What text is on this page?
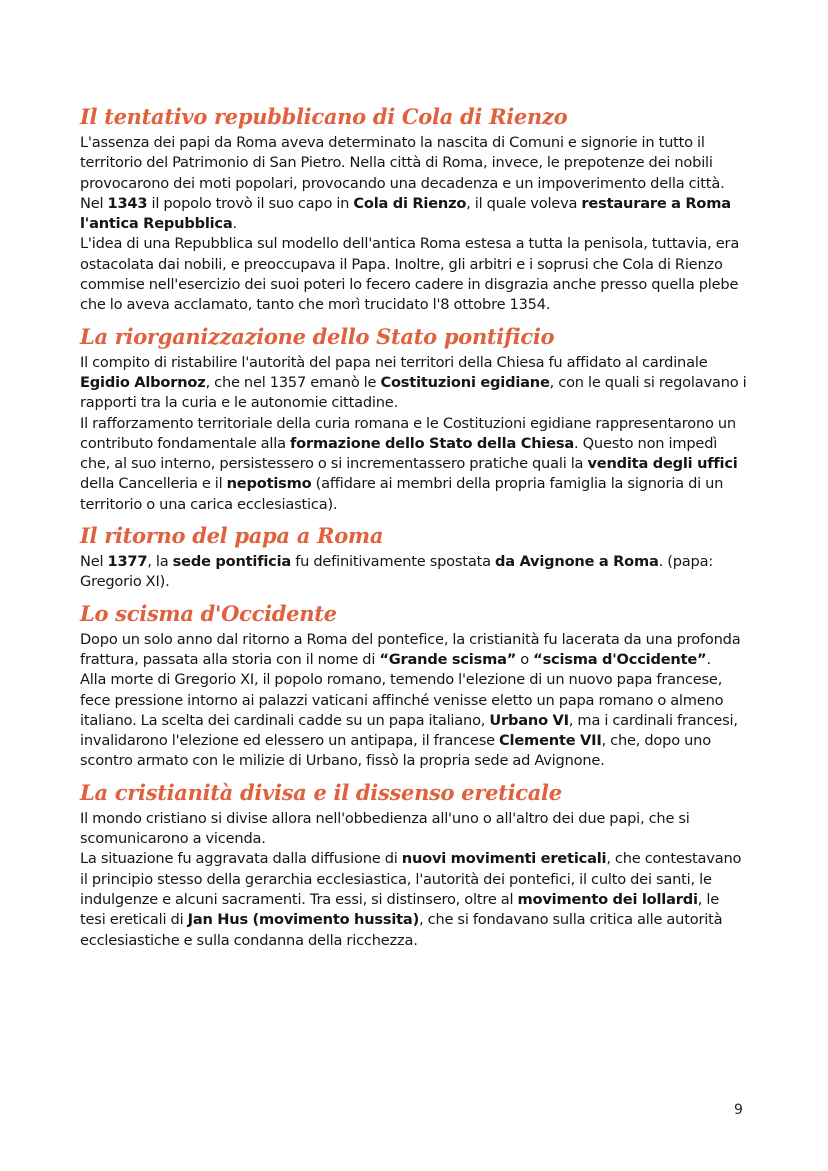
Il tentativo repubblicano di Cola di Rienzo

L'assenza dei papi da Roma aveva determinato la nascita di Comuni e signorie in tutto il territorio del Patrimonio di San Pietro. Nella città di Roma, invece, le prepotenze dei nobili provocarono dei moti popolari, provocando una decadenza e un impoverimento della città. Nel 1343 il popolo trovò il suo capo in Cola di Rienzo, il quale voleva restaurare a Roma l'antica Repubblica.

L'idea di una Repubblica sul modello dell'antica Roma estesa a tutta la penisola, tuttavia, era ostacolata dai nobili, e preoccupava il Papa. Inoltre, gli arbitri e i soprusi che Cola di Rienzo commise nell'esercizio dei suoi poteri lo fecero cadere in disgrazia anche presso quella plebe che lo aveva acclamato, tanto che morì trucidato l'8 ottobre 1354.

La riorganizzazione dello Stato pontificio

Il compito di ristabilire l'autorità del papa nei territori della Chiesa fu affidato al cardinale Egidio Albornoz, che nel 1357 emanò le Costituzioni egidiane, con le quali si regolavano i rapporti tra la curia e le autonomie cittadine.

Il rafforzamento territoriale della curia romana e le Costituzioni egidiane rappresentarono un contributo fondamentale alla formazione dello Stato della Chiesa. Questo non impedì che, al suo interno, persistessero o si incrementassero pratiche quali la vendita degli uffici della Cancelleria e il nepotismo (affidare ai membri della propria famiglia la signoria di un territorio o una carica ecclesiastica).

Il ritorno del papa a Roma

Nel 1377, la sede pontificia fu definitivamente spostata da Avignone a Roma. (papa: Gregorio XI).

Lo scisma d'Occidente

Dopo un solo anno dal ritorno a Roma del pontefice, la cristianità fu lacerata da una profonda frattura, passata alla storia con il nome di “Grande scisma” o “scisma d'Occidente”.

Alla morte di Gregorio XI, il popolo romano, temendo l'elezione di un nuovo papa francese, fece pressione intorno ai palazzi vaticani affinché venisse eletto un papa romano o almeno italiano. La scelta dei cardinali cadde su un papa italiano, Urbano VI, ma i cardinali francesi, invalidarono l'elezione ed elessero un antipapa, il francese Clemente VII, che, dopo uno scontro armato con le milizie di Urbano, fissò la propria sede ad Avignone.

La cristianità divisa e il dissenso ereticale

Il mondo cristiano si divise allora nell'obbedienza all'uno o all'altro dei due papi, che si scomunicarono a vicenda.

La situazione fu aggravata dalla diffusione di nuovi movimenti ereticali, che contestavano il principio stesso della gerarchia ecclesiastica, l'autorità dei pontefici, il culto dei santi, le indulgenze e alcuni sacramenti. Tra essi, si distinsero, oltre al movimento dei lollardi, le tesi ereticali di Jan Hus (movimento hussita), che si fondavano sulla critica alle autorità ecclesiastiche e sulla condanna della ricchezza.

9
